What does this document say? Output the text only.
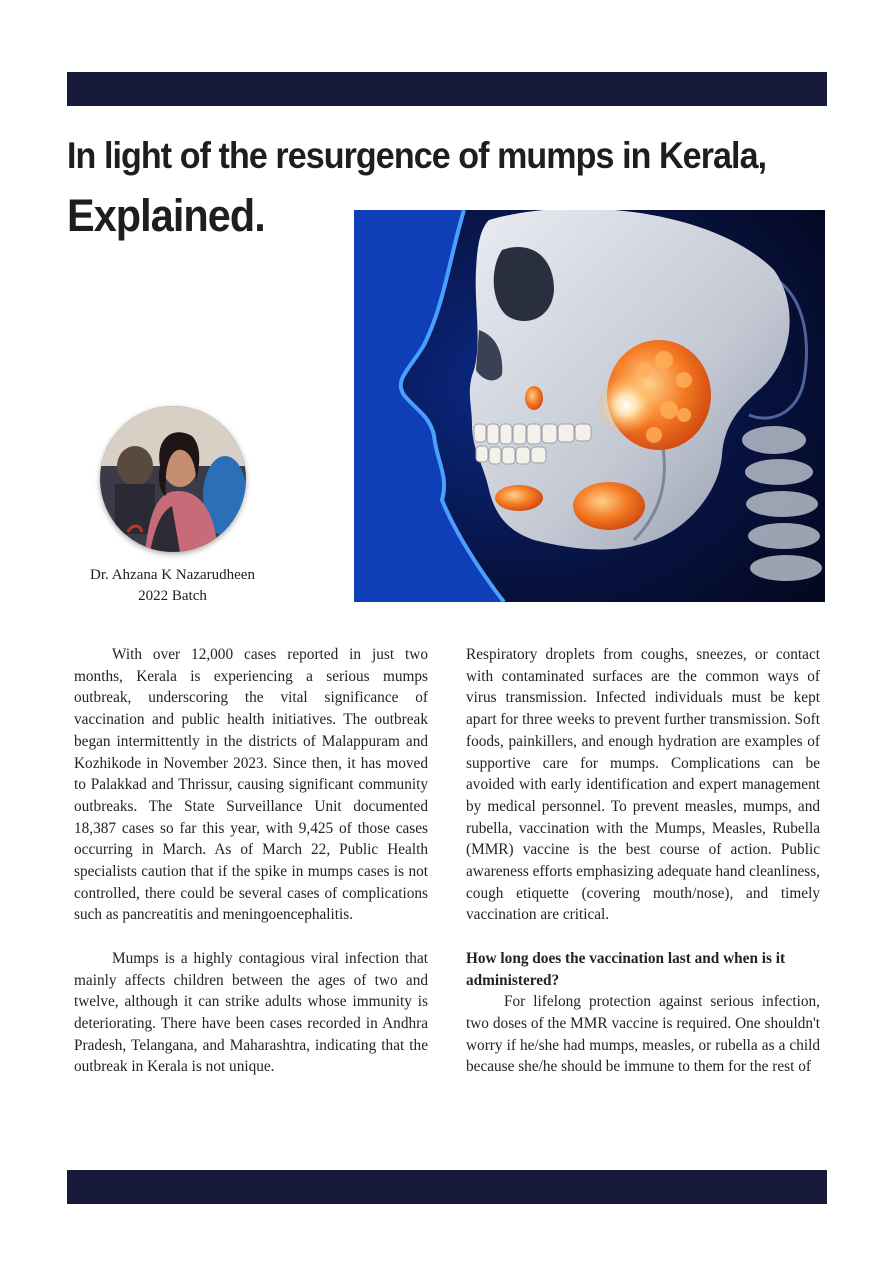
In light of the resurgence of mumps in Kerala,
Explained.
Dr. Ahzana K Nazarudheen
2022 Batch

With over 12,000 cases reported in just two months, Kerala is experiencing a serious mumps outbreak, underscoring the vital significance of vaccination and public health initiatives. The outbreak began intermittently in the districts of Malappuram and Kozhikode in November 2023. Since then, it has moved to Palakkad and Thrissur, causing significant community outbreaks. The State Surveillance Unit documented 18,387 cases so far this year, with 9,425 of those cases occurring in March. As of March 22, Public Health specialists caution that if the spike in mumps cases is not controlled, there could be several cases of complications such as pancreatitis and meningoencephalitis.

Mumps is a highly contagious viral infection that mainly affects children between the ages of two and twelve, although it can strike adults whose immunity is deteriorating. There have been cases recorded in Andhra Pradesh, Telangana, and Maharashtra, indicating that the outbreak in Kerala is not unique.

Respiratory droplets from coughs, sneezes, or contact with contaminated surfaces are the common ways of virus transmission. Infected individuals must be kept apart for three weeks to prevent further transmission. Soft foods, painkillers, and enough hydration are examples of supportive care for mumps. Complications can be avoided with early identification and expert management by medical personnel. To prevent measles, mumps, and rubella, vaccination with the Mumps, Measles, Rubella (MMR) vaccine is the best course of action. Public awareness efforts emphasizing adequate hand cleanliness, cough etiquette (covering mouth/nose), and timely vaccination are critical.

How long does the vaccination last and when is it administered?

For lifelong protection against serious infection, two doses of the MMR vaccine is required. One shouldn't worry if he/she had mumps, measles, or rubella as a child because she/he should be immune to them for the rest of
